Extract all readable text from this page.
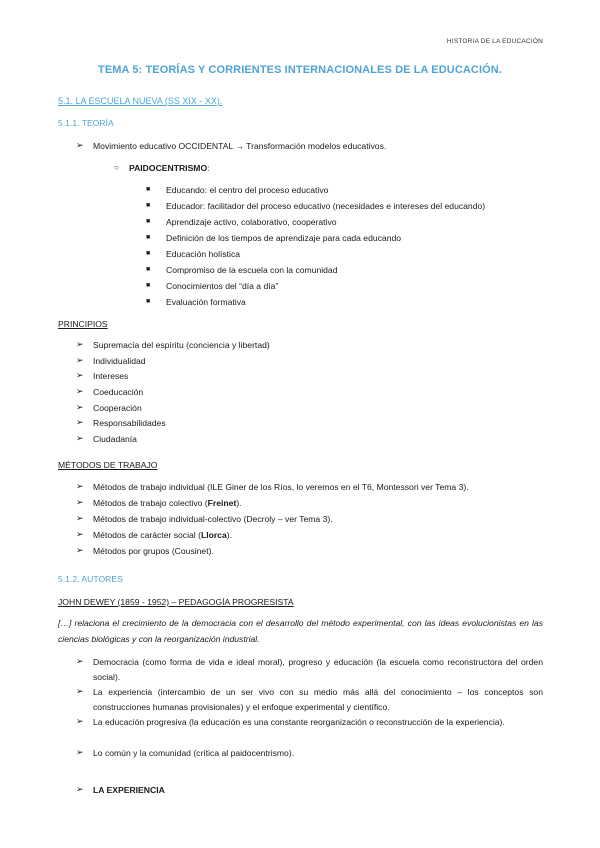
HISTORIA DE LA EDUCACIÓN
TEMA 5: TEORÍAS Y CORRIENTES INTERNACIONALES DE LA EDUCACIÓN.
5.1. LA ESCUELA NUEVA (SS XIX - XX).
5.1.1. TEORÍA
➢ Movimiento educativo OCCIDENTAL → Transformación modelos educativos.
○ PAIDOCENTRISMO:
■ Educando: el centro del proceso educativo
■ Educador: facilitador del proceso educativo (necesidades e intereses del educando)
■ Aprendizaje activo, colaborativo, cooperativo
■ Definición de los tiempos de aprendizaje para cada educando
■ Educación holística
■ Compromiso de la escuela con la comunidad
■ Conocimientos del “día a día”
■ Evaluación formativa
PRINCIPIOS
➢ Supremacía del espíritu (conciencia y libertad)
➢ Individualidad
➢ Intereses
➢ Coeducación
➢ Cooperación
➢ Responsabilidades
➢ Ciudadanía
MÉTODOS DE TRABAJO
➢ Métodos de trabajo individual (ILE Giner de los Ríos, lo veremos en el T6, Montessori ver Tema 3).
➢ Métodos de trabajo colectivo (Freinet).
➢ Métodos de trabajo individual-colectivo (Decroly – ver Tema 3).
➢ Métodos de carácter social (Llorca).
➢ Métodos por grupos (Cousinet).
5.1.2. AUTORES
JOHN DEWEY (1859 - 1952) – PEDAGOGÍA PROGRESISTA
[…] relaciona el crecimiento de la democracia con el desarrollo del método experimental, con las ideas evolucionistas en las ciencias biológicas y con la reorganización industrial.
➢ Democracia (como forma de vida e ideal moral), progreso y educación (la escuela como reconstructora del orden social).
➢ La experiencia (intercambio de un ser vivo con su medio más allá del conocimiento – los conceptos son construcciones humanas provisionales) y el enfoque experimental y científico.
➢ La educación progresiva (la educación es una constante reorganización o reconstrucción de la experiencia).
➢ Lo común y la comunidad (crítica al paidocentrismo).
➢ LA EXPERIENCIA
